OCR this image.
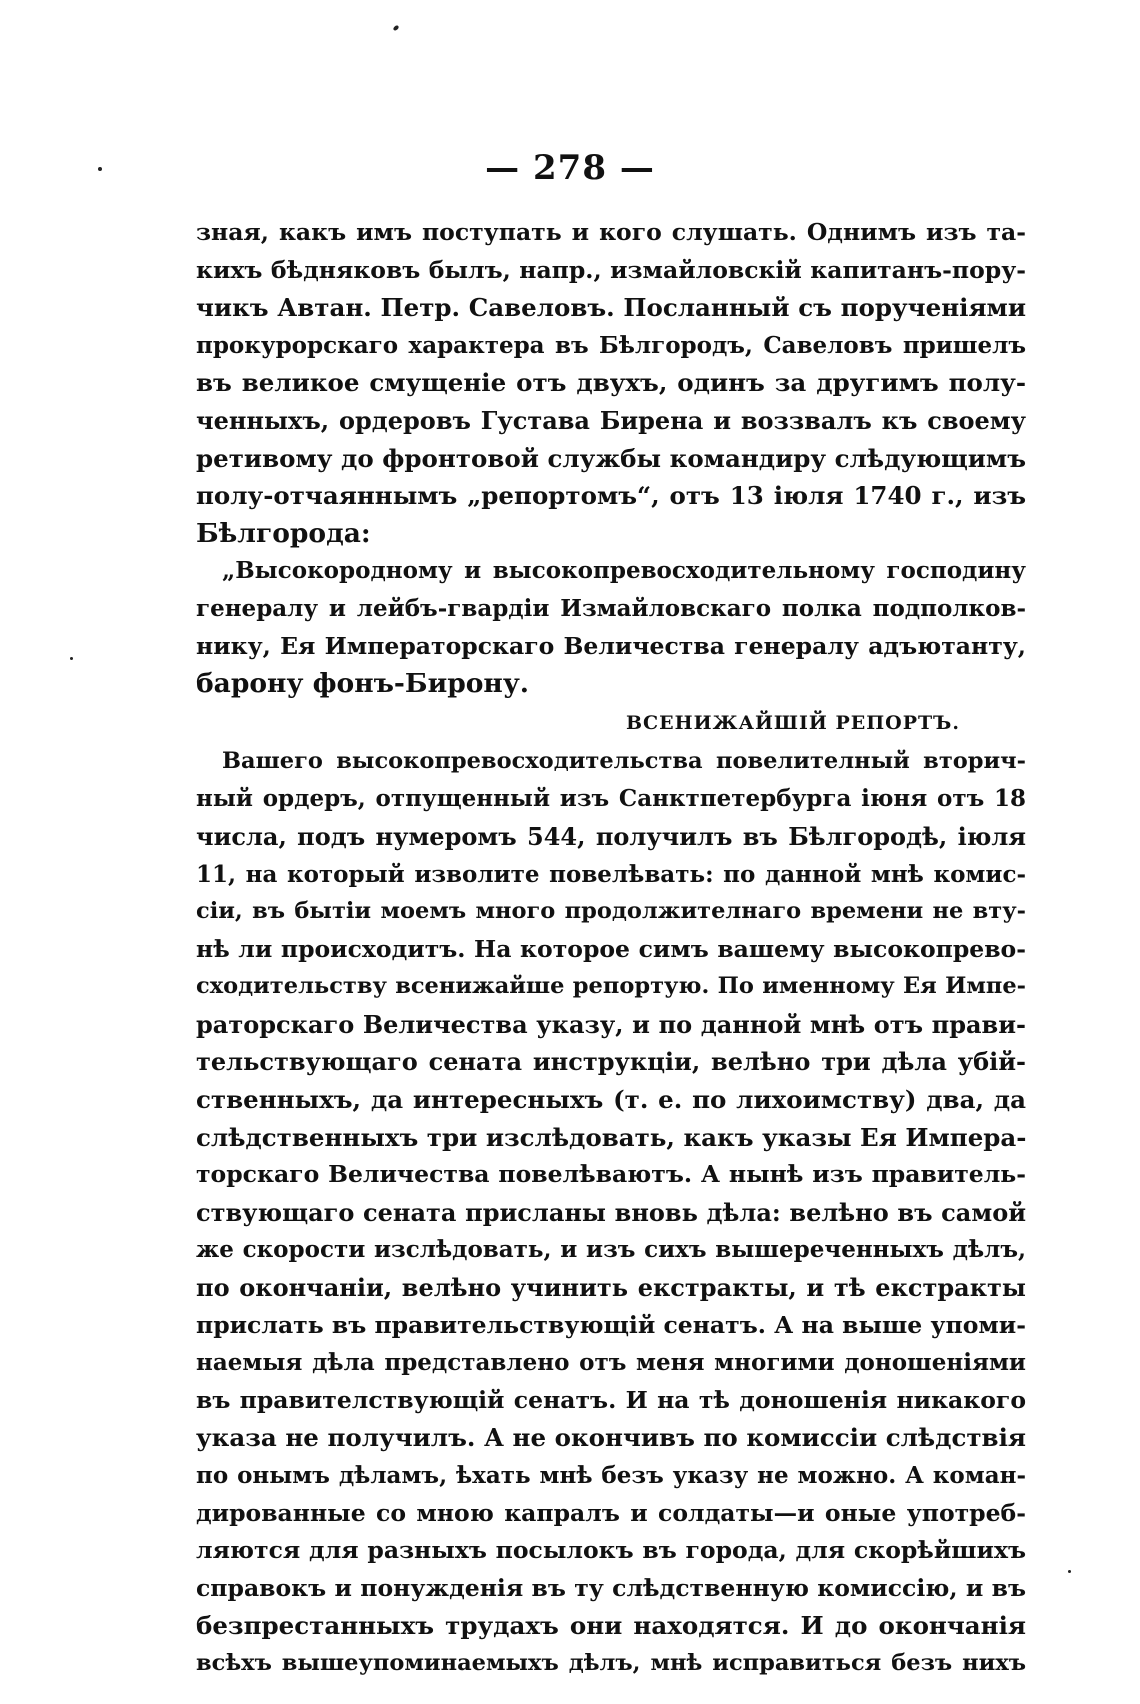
— 278 —
зная, какъ имъ поступать и кого слушать. Однимъ изъ та-
кихъ бѣдняковъ былъ, напр., измайловскій капитанъ-пору-
чикъ Автан. Петр. Савеловъ. Посланный съ порученіями
прокурорскаго характера въ Бѣлгородъ, Савеловъ пришелъ
въ великое смущеніе отъ двухъ, одинъ за другимъ полу-
ченныхъ, ордеровъ Густава Бирена и воззвалъ къ своему
ретивому до фронтовой службы командиру слѣдующимъ
полу-отчаяннымъ „репортомъ“, отъ 13 іюля 1740 г., изъ
Бѣлгорода:
„Высокородному и высокопревосходительному господину
генералу и лейбъ-гвардіи Измайловскаго полка подполков-
нику, Ея Императорскаго Величества генералу адъютанту,
барону фонъ-Бирону.
ВСЕНИЖАЙШІЙ РЕПОРТЪ.
Вашего высокопревосходительства повелителный вторич-
ный ордеръ, отпущенный изъ Санктпетербурга іюня отъ 18
числа, подъ нумеромъ 544, получилъ въ Бѣлгородѣ, іюля
11, на который изволите повелѣвать: по данной мнѣ комис-
сіи, въ бытіи моемъ много продолжителнаго времени не вту-
нѣ ли происходитъ. На которое симъ вашему высокопрево-
сходительству всенижайше репортую. По именному Ея Импе-
раторскаго Величества указу, и по данной мнѣ отъ прави-
тельствующаго сената инструкціи, велѣно три дѣла убій-
ственныхъ, да интересныхъ (т. е. по лихоимству) два, да
слѣдственныхъ три изслѣдовать, какъ указы Ея Импера-
торскаго Величества повелѣваютъ. А нынѣ изъ правитель-
ствующаго сената присланы вновь дѣла: велѣно въ самой
же скорости изслѣдовать, и изъ сихъ вышереченныхъ дѣлъ,
по окончаніи, велѣно учинить екстракты, и тѣ екстракты
прислать въ правительствующій сенатъ. А на выше упоми-
наемыя дѣла представлено отъ меня многими доношеніями
въ правителствующій сенатъ. И на тѣ доношенія никакого
указа не получилъ. А не окончивъ по комиссіи слѣдствія
по онымъ дѣламъ, ѣхать мнѣ безъ указу не можно. А коман-
дированные со мною капралъ и солдаты—и оные употреб-
ляются для разныхъ посылокъ въ города, для скорѣйшихъ
справокъ и понужденія въ ту слѣдственную комиссію, и въ
безпрестанныхъ трудахъ они находятся. И до окончанія
всѣхъ вышеупоминаемыхъ дѣлъ, мнѣ исправиться безъ нихъ
